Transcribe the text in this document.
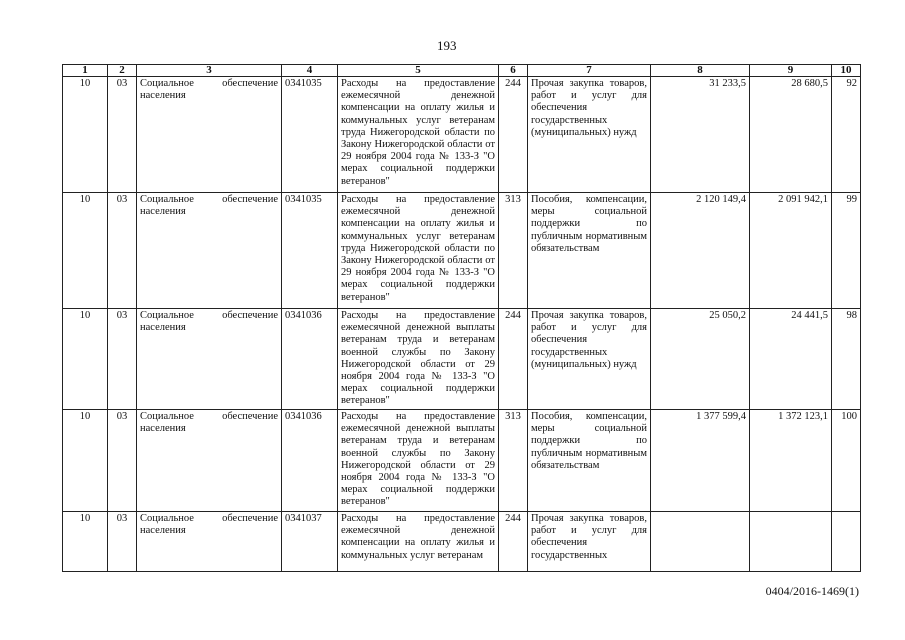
193
1	2	3	4	5	6	7	8	9	10
10	03	Социальное обеспечение населения	0341035	Расходы на предоставление ежемесячной денежной компенсации на оплату жилья и коммунальных услуг ветеранам труда Нижегородской области по Закону Нижегородской области от 29 ноября 2004 года № 133-З "О мерах социальной поддержки ветеранов"	244	Прочая закупка товаров, работ и услуг для обеспечения государственных (муниципальных) нужд	31 233,5	28 680,5	92
10	03	Социальное обеспечение населения	0341035	Расходы на предоставление ежемесячной денежной компенсации на оплату жилья и коммунальных услуг ветеранам труда Нижегородской области по Закону Нижегородской области от 29 ноября 2004 года № 133-З "О мерах социальной поддержки ветеранов"	313	Пособия, компенсации, меры социальной поддержки по публичным нормативным обязательствам	2 120 149,4	2 091 942,1	99
10	03	Социальное обеспечение населения	0341036	Расходы на предоставление ежемесячной денежной выплаты ветеранам труда и ветеранам военной службы по Закону Нижегородской области от 29 ноября 2004 года № 133-З "О мерах социальной поддержки ветеранов"	244	Прочая закупка товаров, работ и услуг для обеспечения государственных (муниципальных) нужд	25 050,2	24 441,5	98
10	03	Социальное обеспечение населения	0341036	Расходы на предоставление ежемесячной денежной выплаты ветеранам труда и ветеранам военной службы по Закону Нижегородской области от 29 ноября 2004 года № 133-З "О мерах социальной поддержки ветеранов"	313	Пособия, компенсации, меры социальной поддержки по публичным нормативным обязательствам	1 377 599,4	1 372 123,1	100
10	03	Социальное обеспечение населения	0341037	Расходы на предоставление ежемесячной денежной компенсации на оплату жилья и коммунальных услуг ветеранам	244	Прочая закупка товаров, работ и услуг для обеспечения государственных			
0404/2016-1469(1)
